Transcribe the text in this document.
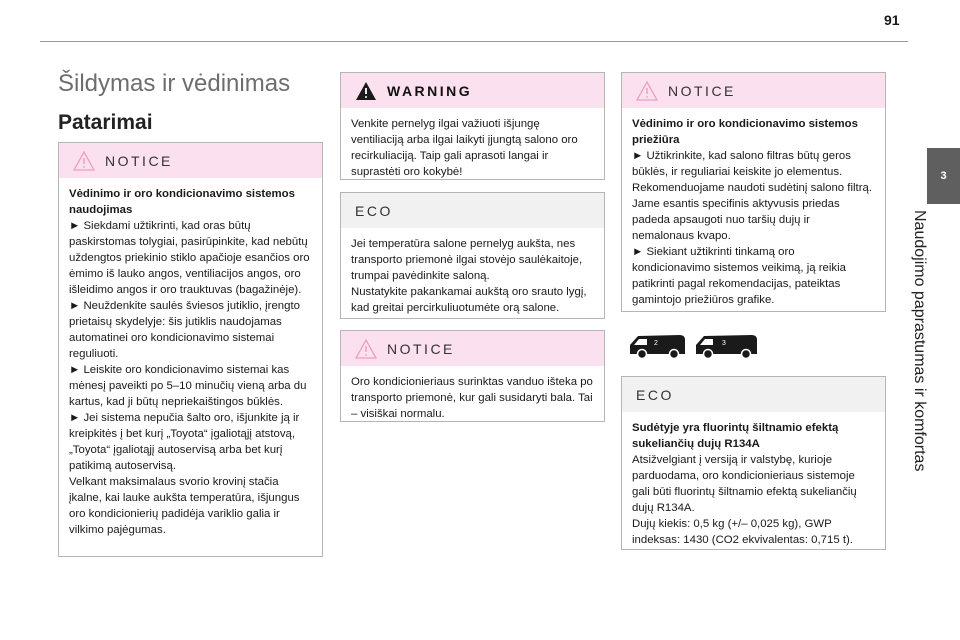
91
3
Naudojimo paprastumas ir komfortas
Šildymas ir vėdinimas
Patarimai
NOTICE

Vėdinimo ir oro kondicionavimo sistemos naudojimas

► Siekdami užtikrinti, kad oras būtų paskirstomas tolygiai, pasirūpinkite, kad nebūtų uždengtos priekinio stiklo apačioje esančios oro ėmimo iš lauko angos, ventiliacijos angos, oro išleidimo angos ir oro trauktuvas (bagažinėje).

► Neuždenkite saulės šviesos jutiklio, įrengto prietaisų skydelyje: šis jutiklis naudojamas automatinei oro kondicionavimo sistemai reguliuoti.

► Leiskite oro kondicionavimo sistemai kas mėnesį paveikti po 5–10 minučių vieną arba du kartus, kad ji būtų nepriekaištingos būklės.

► Jei sistema nepučia šalto oro, išjunkite ją ir kreipkitės į bet kurį „Toyota“ įgaliotąjį atstovą, „Toyota“ įgaliotąjį autoservisą arba bet kurį patikimą autoservisą.

Velkant maksimalaus svorio krovinį stačia įkalne, kai lauke aukšta temperatūra, išjungus oro kondicionierių padidėja variklio galia ir vilkimo pajėgumas.

WARNING

Venkite pernelyg ilgai važiuoti išjungę ventiliaciją arba ilgai laikyti įjungtą salono oro recirkuliaciją. Taip gali aprasoti langai ir suprastėti oro kokybė!

ECO

Jei temperatūra salone pernelyg aukšta, nes transporto priemonė ilgai stovėjo saulėkaitoje, trumpai pavėdinkite saloną.

Nustatykite pakankamai aukštą oro srauto lygį, kad greitai percirkuliuotumėte orą salone.

NOTICE

Oro kondicionieriaus surinktas vanduo išteka po transporto priemonė, kur gali susidaryti bala. Tai – visiškai normalu.

NOTICE

Vėdinimo ir oro kondicionavimo sistemos priežiūra

► Užtikrinkite, kad salono filtras būtų geros būklės, ir reguliariai keiskite jo elementus. Rekomenduojame naudoti sudėtinį salono filtrą. Jame esantis specifinis aktyvusis priedas padeda apsaugoti nuo taršių dujų ir nemalonaus kvapo.

► Siekiant užtikrinti tinkamą oro kondicionavimo sistemos veikimą, ją reikia patikrinti pagal rekomendacijas, pateiktas gamintojo priežiūros grafike.

2	3
ECO

Sudėtyje yra fluorintų šiltnamio efektą sukeliančių dujų R134A

Atsižvelgiant į versiją ir valstybę, kurioje parduodama, oro kondicionieriaus sistemoje gali būti fluorintų šiltnamio efektą sukeliančių dujų R134A.

Dujų kiekis: 0,5 kg (+/– 0,025 kg), GWP indeksas: 1430 (CO2 ekvivalentas: 0,715 t).
